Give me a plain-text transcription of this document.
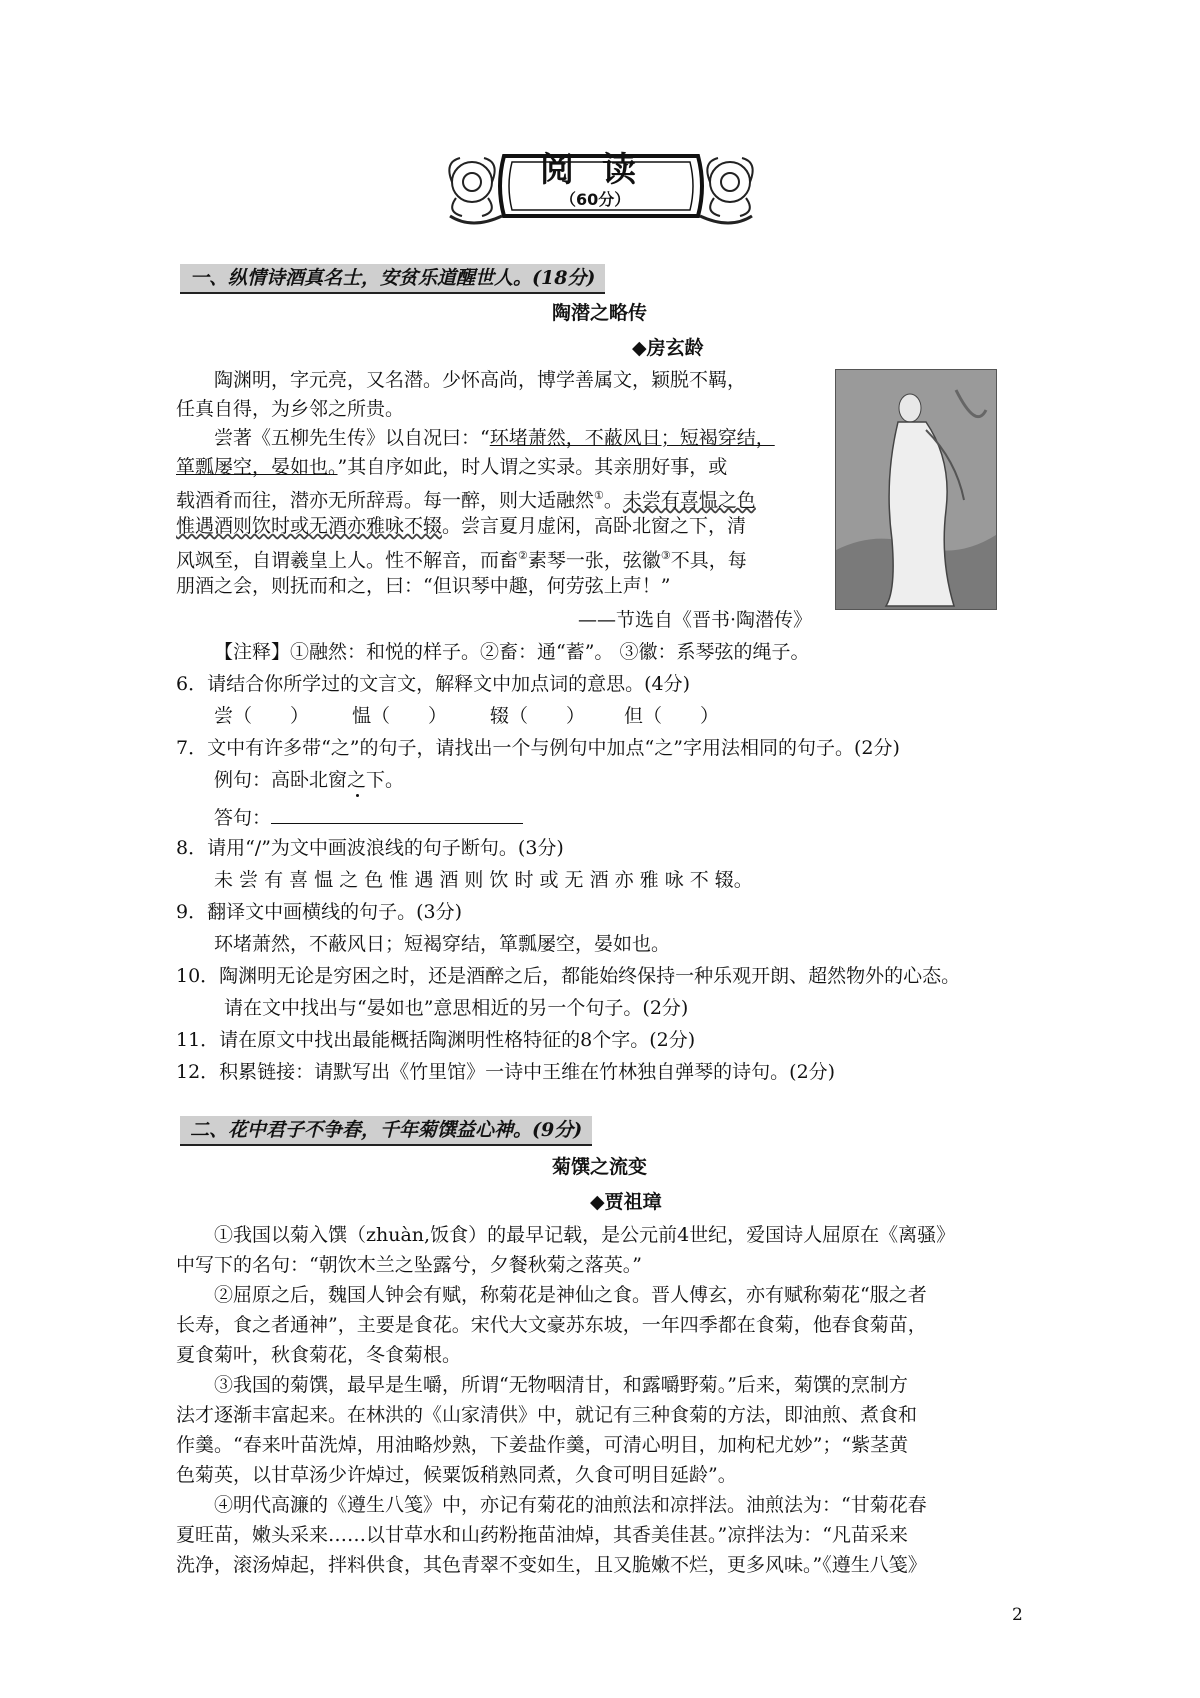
阅读
（60分）
一、纵情诗酒真名士，安贫乐道醒世人。(18分)
陶潜之略传
◆房玄龄
陶渊明，字元亮，又名潜。少怀高尚，博学善属文，颖脱不羁，
任真自得，为乡邻之所贵。
尝著《五柳先生传》以自况曰：“环堵萧然，不蔽风日；短褐穿结，
箪瓢屡空，晏如也。”其自序如此，时人谓之实录。其亲朋好事，或
载酒肴而往，潜亦无所辞焉。每一醉，则大适融然①。未尝有喜愠之色
惟遇酒则饮时或无酒亦雅咏不辍。尝言夏月虚闲，高卧北窗之下，清
风飒至，自谓羲皇上人。性不解音，而畜②素琴一张，弦徽③不具，每
朋酒之会，则抚而和之，曰：“但识琴中趣，何劳弦上声！”
——节选自《晋书·陶潜传》
【注释】①融然：和悦的样子。②畜：通“蓄”。 ③徽：系琴弦的绳子。
6．请结合你所学过的文言文，解释文中加点词的意思。(4分)
尝（　　） 愠（　　） 辍（　　） 但（　　）
7．文中有许多带“之”的句子，请找出一个与例句中加点“之”字用法相同的句子。(2分)
例句：高卧北窗之下。
答句：
8．请用“/”为文中画波浪线的句子断句。(3分)
未 尝 有 喜 愠 之 色 惟 遇 酒 则 饮 时 或 无 酒 亦 雅 咏 不 辍。
9．翻译文中画横线的句子。(3分)
环堵萧然，不蔽风日；短褐穿结，箪瓢屡空，晏如也。
10．陶渊明无论是穷困之时，还是酒醉之后，都能始终保持一种乐观开朗、超然物外的心态。
请在文中找出与“晏如也”意思相近的另一个句子。(2分)
11．请在原文中找出最能概括陶渊明性格特征的8个字。(2分)
12．积累链接：请默写出《竹里馆》一诗中王维在竹林独自弹琴的诗句。(2分)
二、花中君子不争春，千年菊馔益心神。(9分)
菊馔之流变
◆贾祖璋
①我国以菊入馔（zhuàn,饭食）的最早记载，是公元前4世纪，爱国诗人屈原在《离骚》
中写下的名句：“朝饮木兰之坠露兮，夕餐秋菊之落英。”
②屈原之后，魏国人钟会有赋，称菊花是神仙之食。晋人傅玄，亦有赋称菊花“服之者
长寿，食之者通神”，主要是食花。宋代大文豪苏东坡，一年四季都在食菊，他春食菊苗，
夏食菊叶，秋食菊花，冬食菊根。
③我国的菊馔，最早是生嚼，所谓“无物咽清甘，和露嚼野菊。”后来，菊馔的烹制方
法才逐渐丰富起来。在林洪的《山家清供》中，就记有三种食菊的方法，即油煎、煮食和
作羹。“春来叶苗洗焯，用油略炒熟，下姜盐作羹，可清心明目，加枸杞尤妙”；“紫茎黄
色菊英，以甘草汤少许焯过，候粟饭稍熟同煮，久食可明目延龄”。
④明代高濂的《遵生八笺》中，亦记有菊花的油煎法和凉拌法。油煎法为：“甘菊花春
夏旺苗，嫩头采来……以甘草水和山药粉拖苗油焯，其香美佳甚。”凉拌法为：“凡苗采来
洗净，滚汤焯起，拌料供食，其色青翠不变如生，且又脆嫩不烂，更多风味。”《遵生八笺》
2
